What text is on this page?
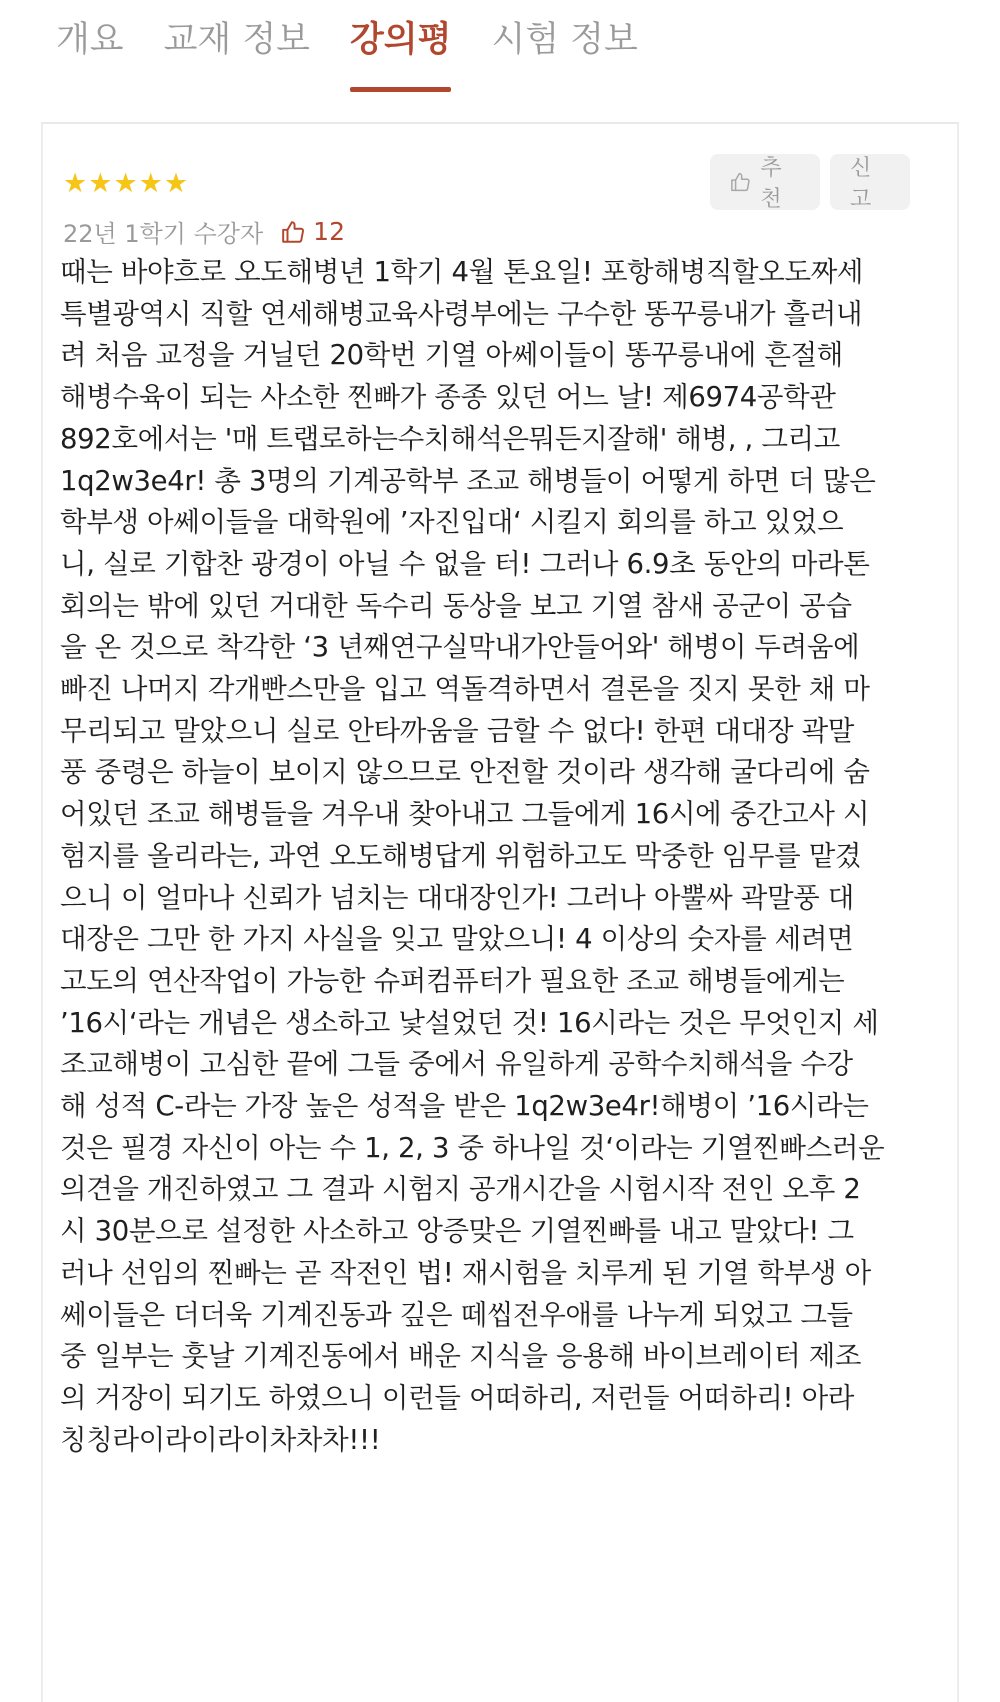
개요 교재 정보 강의평 시험 정보
★ ★ ★ ★ ★
22년 1학기 수강자 12
추천
신고

때는 바야흐로 오도해병년 1학기 4월 톤요일! 포항해병직할오도짜세
특별광역시 직할 연세해병교육사령부에는 구수한 똥꾸릉내가 흘러내
려 처음 교정을 거닐던 20학번 기열 아쎄이들이 똥꾸릉내에 흔절해
해병수육이 되는 사소한 찐빠가 종종 있던 어느 날! 제6974공학관
892호에서는 '매 트랩로하는수치해석은뭐든지잘해' 해병, , 그리고
1q2w3e4r! 총 3명의 기계공학부 조교 해병들이 어떻게 하면 더 많은
학부생 아쎄이들을 대학원에 ’자진입대‘ 시킬지 회의를 하고 있었으
니, 실로 기합찬 광경이 아닐 수 없을 터! 그러나 6.9초 동안의 마라톤
회의는 밖에 있던 거대한 독수리 동상을 보고 기열 참새 공군이 공습
을 온 것으로 착각한 ‘3 년째연구실막내가안들어와' 해병이 두려움에
빠진 나머지 각개빤스만을 입고 역돌격하면서 결론을 짓지 못한 채 마
무리되고 말았으니 실로 안타까움을 금할 수 없다! 한편 대대장 곽말
풍 중령은 하늘이 보이지 않으므로 안전할 것이라 생각해 굴다리에 숨
어있던 조교 해병들을 겨우내 찾아내고 그들에게 16시에 중간고사 시
험지를 올리라는, 과연 오도해병답게 위험하고도 막중한 임무를 맡겼
으니 이 얼마나 신뢰가 넘치는 대대장인가! 그러나 아뿔싸 곽말풍 대
대장은 그만 한 가지 사실을 잊고 말았으니! 4 이상의 숫자를 세려면
고도의 연산작업이 가능한 슈퍼컴퓨터가 필요한 조교 해병들에게는
’16시‘라는 개념은 생소하고 낯설었던 것! 16시라는 것은 무엇인지 세
조교해병이 고심한 끝에 그들 중에서 유일하게 공학수치해석을 수강
해 성적 C-라는 가장 높은 성적을 받은 1q2w3e4r!해병이 ’16시라는
것은 필경 자신이 아는 수 1, 2, 3 중 하나일 것‘이라는 기열찐빠스러운
의견을 개진하였고 그 결과 시험지 공개시간을 시험시작 전인 오후 2
시 30분으로 설정한 사소하고 앙증맞은 기열찐빠를 내고 말았다! 그
러나 선임의 찐빠는 곧 작전인 법! 재시험을 치루게 된 기열 학부생 아
쎄이들은 더더욱 기계진동과 깊은 떼씹전우애를 나누게 되었고 그들
중 일부는 훗날 기계진동에서 배운 지식을 응용해 바이브레이터 제조
의 거장이 되기도 하였으니 이런들 어떠하리, 저런들 어떠하리! 아라
칭칭라이라이라이차차차!!!
